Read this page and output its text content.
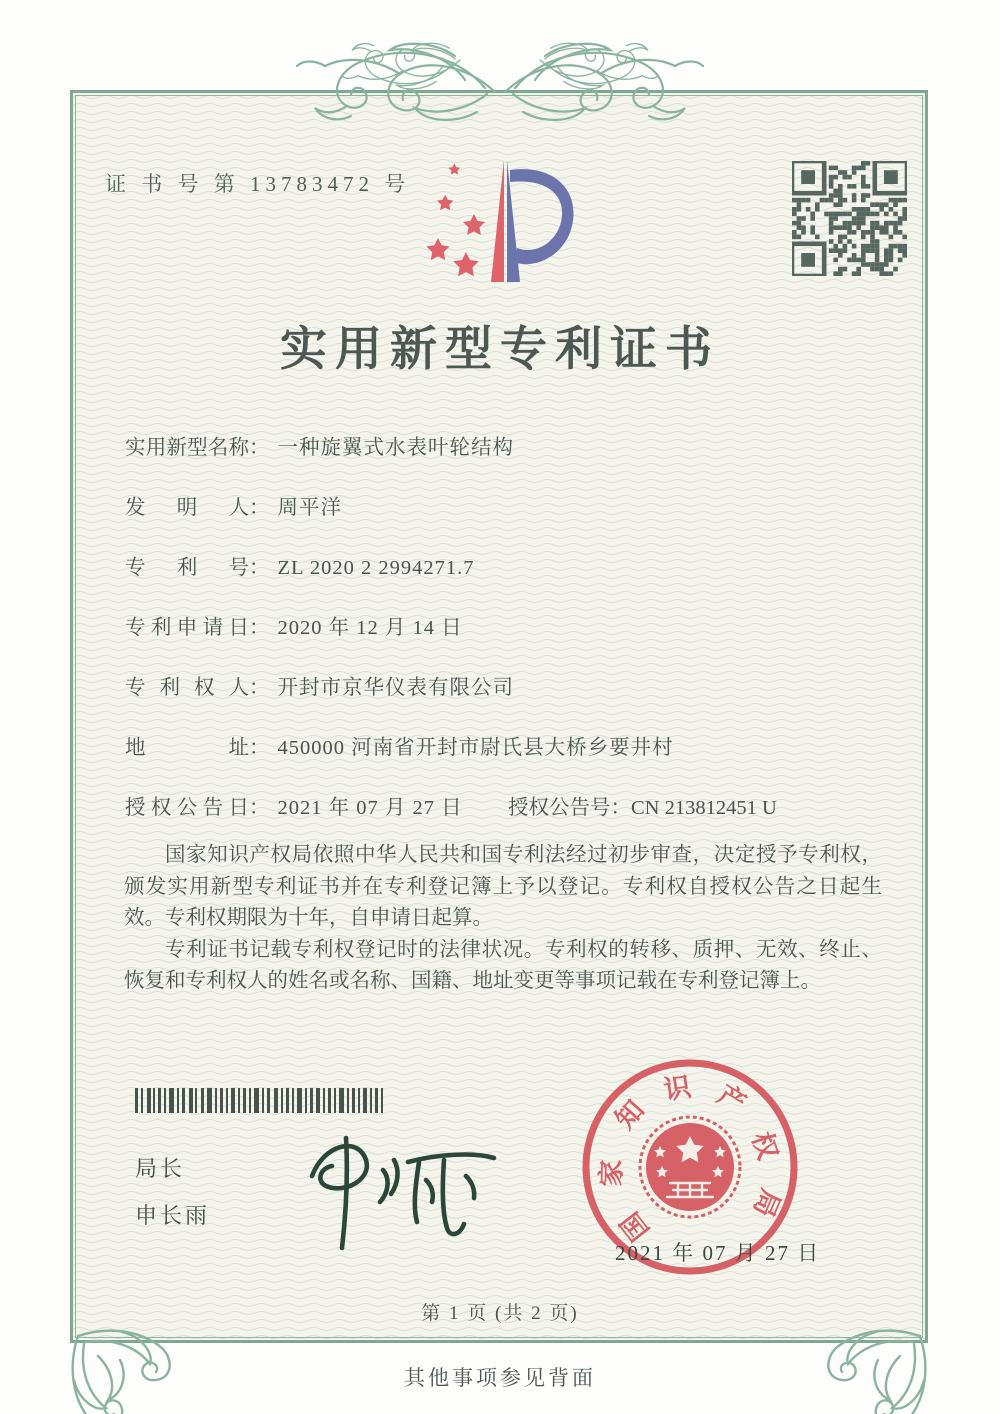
证 书 号 第 13783472 号
实用新型专利证书
实用新型名称： 一种旋翼式水表叶轮结构
发明人： 周平洋
专利号： ZL 2020 2 2994271.7
专利申请日： 2020 年 12 月 14 日
专利权人： 开封市京华仪表有限公司
地址： 450000 河南省开封市尉氏县大桥乡要井村
授权公告日： 2021 年 07 月 27 日 授权公告号：CN 213812451 U

国家知识产权局依照中华人民共和国专利法经过初步审查，决定授予专利权，颁发实用新型专利证书并在专利登记簿上予以登记。专利权自授权公告之日起生效。专利权期限为十年，自申请日起算。

专利证书记载专利权登记时的法律状况。专利权的转移、质押、无效、终止、恢复和专利权人的姓名或名称、国籍、地址变更等事项记载在专利登记簿上。

局长
申长雨	国
家
知
识 产
权
局
2021 年 07 月 27 日
第 1 页 (共 2 页)
其他事项参见背面
